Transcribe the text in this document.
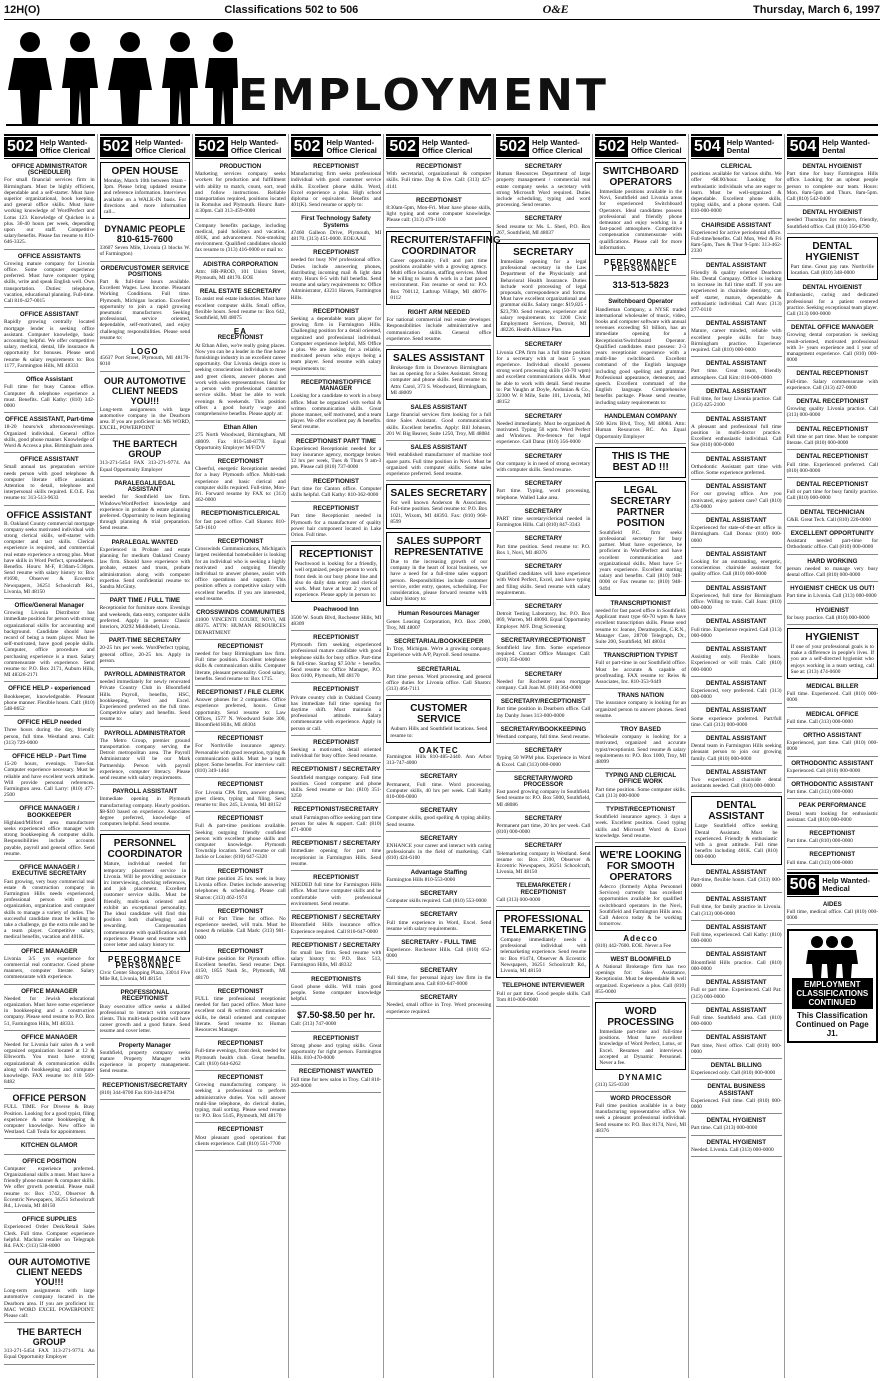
12H(O)	Classifications 502 to 506	O&E	Thursday, March 6, 1997
EMPLOYMENT
502 Help Wanted-
Office Clerical
OFFICE ADMINISTRATOR (SCHEDULER)
For small financial services firm in Birmingham. Must be highly efficient, dependable and a self-starter. Must have superior organizational, book keeping, and general office skills. Must have working knowledge of WordPerfect and Lotus 123. Knowledge of Quicken is a plus. 30-40 hours per week, depending upon our staff. Competitive salary/benefits. Please fax resume to 810-646-3325.
OFFICE ASSISTANTS
Growing mature company for Livonia office. Some computer experience preferred. Must have computer typing skills, write and speak English well. Own transportation. Duties: telephone, vacation, educational planning. Full-time. Call 810-427-0015
OFFICE ASSISTANT
Rapidly growing centrally located mortgage lender is seeking office assistant. Computer knowledge, basic accounting helpful. We offer competitive salary, medical, dental, life insurance & opportunity for bonuses. Please send resume & salary requirements to: Box 1177, Farmington Hills, MI 48333
Office Assistant
Full time for busy Canton office. Computer & telephone experience a must. Benefits. Call Kathy: (810) 342-0000
OFFICE ASSISTANT, Part-time
18-20 hours/wk afternoons/evenings. Organized individual. General office skills, good phone manner. Knowledge of Word & Access a plus. Birmingham area.
OFFICE ASSISTANT
Small annual tax preparation service needs person with good telephone & computer literate office assistant. Attention to detail, telephone and interpersonal skills required. E.O.E. Fax resume to: 313-513-9633
OFFICE ASSISTANT
B. Oakland County commercial mortgage company seeks motivated individual with strong clerical skills, self-starter with computer and tact skills. Clerical experience is required, and commercial real estate experience a strong plus. Must have skills in Word Perfect, spreadsheets. Benefits. Hours: M-F, 8:30am-5:30pm. Send resume with salary history to: Box #1690, Observer & Eccentric Newspapers, 36251 Schoolcraft Rd., Livonia, MI 48150
Office/General Manager
Growing Livonia Distributor has immediate position for person with strong organizational skills for accounting and background. Candidate should have record of being a team player. Must be self-motivated, have good people skills. Computer, office procedure and purchasing experience is a must. Salary commensurate with experience. Send resume to: P.O. Box 2171, Auburn Hills, MI 48326-2171
OFFICE HELP - experienced
Bookkeeper, knowledgeable. Pleasant phone manner. Flexible hours. Call: (810) 548-8652
OFFICE HELP needed
Three hours during the day, friendly person, full time. Westland area. Call: (313) 729-0000
OFFICE HELP - Part Time
15-20 hours, evenings. Tues-Sat. Computer experience necessary. Must be reliable and have excellent work attitude. Will provide personal references. Farmington area. Call Larry: (810) 477-2500
OFFICE MANAGER / BOOKKEEPER
Highland/Milford area manufacturer seeks experienced office manager with strong bookkeeping & computer skills. Responsibilities include accounts payable, payroll and general office. Send resume.
OFFICE MANAGER / EXECUTIVE SECRETARY
Fast growing, very busy commercial real estate & construction company in Farmington Hills needs experienced, professional person with good organization, organization and computer skills to manage a variety of duties. The successful candidate must be willing to take a challenge, go the extra mile and be a team player. Competitive salary, medical benefits, vacation and 401K.
OFFICE MANAGER
Livonia 3/5 yrs experience for commercial real contractor. Good phone manners, computer literate. Salary commensurate with experience.
OFFICE MANAGER
Needed for Jewish educational organization. Must have some experience in bookkeeping and a construction company. Please send resume to P.O. Box 51, Farmington Hills, MI 48333.
OFFICE MANAGER
Needed for Livonia hair salon & a well organized organization located at 12 & Ellsworth. You must have strong organizational & communication skills along with bookkeeping and computer knowledge. FAX resume to: 810 569-8482
OFFICE PERSON
FULL TIME. For Diverse & Busy Position. Looking for a good typist, filing experience & some bookkeeping & computer knowledge. New office in Westland. Call Toula for appointment.
KITCHEN GLAMOR
OFFICE POSITION
Computer experience preferred. Organizational skills a must. Must have a friendly phone manner & computer skills. We offer growth potential. Please mail resume to: Box 1742, Observer & Eccentric Newspapers, 36251 Schoolcraft Rd., Livonia, MI 48150
OFFICE SUPPLIES
Experienced Order Desk/Retail Sales Clerk. Full time. Computer experience helpful. Machine retailer on Telegraph Rd. FAX: (313) 538-8000
OUR AUTOMOTIVE CLIENT NEEDS YOU!!!
Long-term assignments with large automotive company located in the Dearborn area. If you are proficient in: MAC WORD EXCEL POWERPOINT. Please call:
THE BARTECH GROUP
313-271-5454 FAX 313-271-9774. An Equal Opportunity Employer
502 Help Wanted-
Office Clerical
OPEN HOUSE
Monday, March 10th between 10am - 3pm. Please bring updated resume and reference information. Interviews available on a WALK-IN basis. For directions and more information call...
DYNAMIC PEOPLE 810-615-7600
33607 Seven Mile, Livonia (3 blocks W. of Farmington)
ORDER/CUSTOMER SERVICE POSITIONS
Part & full-time hours available. Excellent Wages. Less Income. Pleasant Working Conditions. Full time. Plymouth, Michigan location. Excellent opportunity to join a rapid growing pneumatic manufacturer. Seeking professional, service oriented, dependable, self-motivated, and enjoy challenging responsibilities. Please send resume to:
LOGO
45637 Port Street, Plymouth, MI 48170-6010
OUR AUTOMOTIVE CLIENT NEEDS YOU!!!
Long-term assignments with large automotive company in the Dearborn area. If you are proficient in: MS WORD, EXCEL, POWERPOINT
THE BARTECH GROUP
313-271-5454 FAX 313-271-9774. An Equal Opportunity Employer
PARALEGAL/LEGAL ASSISTANT
needed for Southfield law firm. Windows/WordPerfect knowledge and experience in probate & estate planning preferred. Opportunity to learn beginning through planning & trial preparation. Send resume.
PARALEGAL WANTED
Experienced in Probate and estate planning for medium Oakland County law firm. Should have experience with probate, estates and trusts, probate administration along with computer expertise. Send confidential resume to: Sandra McGinty.
PART TIME / FULL TIME
Receptionist for furniture store. Evenings and weekends, data entry, computer skills preferred. Apply in person: Classic Interiors, 20292 Middlebelt, Livonia.
PART-TIME SECRETARY
20-25 hrs per week. WordPerfect typing, general office, 20-25 hrs. Apply in person.
PAYROLL ADMINISTRATOR
needed immediately for newly renovated Private Country Club in Bloomfield Hills. Payroll, benefits, HSC, bookkeeping, Word and Excel. Experienced preferred on the full time. Competitive salary and benefits. Send resume to:
PAYROLL ADMINISTRATOR
The Metro Group, premier ground transportation company serving the Detroit metropolitan area. The Payroll Administrator will be our Mark Partnership. Person with payroll experience, computer literacy. Please send resume with salary requirements.
PAYROLL ASSISTANT
Immediate opening in Plymouth manufacturing company. Hourly position. $8-$10 based on experience. Associates degree preferred, knowledge of computers helpful. Send resume.
PERSONNEL COORDINATOR
Mature, individual needed for temporary placement service in Livonia. Will be providing assistance in: interviewing, checking references, and job placement. Excellent customer service skills. Must be friendly, multi-task oriented and exhibit an exceptional personality. The ideal candidate will find this position both challenging and rewarding. Compensation commensurate with qualifications and experience. Please send resume with cover letter and salary history to:
PERFORMANCE PERSONNEL
Civic Center Shopping Plaza, 33014 Five Mile Rd, Livonia, MI 48154
PROFESSIONAL RECEPTIONIST
Busy executive office seeks a skilled professional to interact with corporate clients. This multi-task position will have career growth and a good future. Send resume and cover letter.
Property Manager
Southfield, property company seeks mature Property Manager with experience in property management. Send resume.
RECEPTIONIST/SECRETARY
(810) 344-8700 Fax 810-344-8794
502 Help Wanted-
Office Clerical
PRODUCTION
Marketing services company seeks workers for production and fulfillment with ability to match, count, sort, read and follow instructions. Reliable transportation required, positions located in Romulus and Plymouth. Hours: 8am-4:30pm. Call 313-459-0000
Company benefits package, including medical, paid holidays and vacation, 401K, and advancement. Non-smoking environment. Qualified candidates should fax resume to (313) 416-0000 or mail to:
ADISTRA CORPORATION
Attn: HR-PROD, 101 Union Street, Plymouth, MI 48170. EOE
REAL ESTATE SECRETARY
To assist real estate industries. Must have excellent computer skills. Small office, flexible hours. Send resume to: Box 642, Southfield, MI 48075
EA
RECEPTIONIST
At Ethan Allen, we're really going places. Now you can be a leader in the fine home furnishings industry in an excellent career opportunity. Our Livonia design store is seeking conscientious individuals to meet and greet clients, answer phones and work with sales representatives. Ideal for a person with professional customer service skills. Must be able to work evenings & weekends. This position offers a good hourly wage and comprehensive benefits. Please apply at:
Ethan Allen
275 North Woodward, Birmingham, MI 48009. Fax 810-540-8778. Equal Opportunity Employer M/F/D/V
RECEPTIONIST
Cheerful, energetic Receptionist needed for a busy Plymouth office. Multi-task experience and basic clerical and computer skills required. Full-time, Mon-Fri. Forward resume by FAX to: (313) 462-0000
RECEPTIONIST/CLERICAL
for fast paced office. Call Sharon: 810-549-1610
RECEPTIONIST
Crosswinds Communications, Michigan's largest residential homebuilder is looking for an individual who is seeking a highly motivated and outgoing friendly individual to answer phones, assist with office operations and support. This position offers a competitive salary with excellent benefits. If you are interested, send resume.
CROSSWINDS COMMUNITIES
41000 VINCENTI COURT, NOVI, MI 48375. ATTN: HUMAN RESOURCES DEPARTMENT
RECEPTIONIST
needed for busy Birmingham law firm. Full time position. Excellent telephone skills & communication skills. Computer literate, pleasant personality. Good salary, benefits. Send resume to: Box 1715.
RECEPTIONIST / FILE CLERK
Answer phones for 2 companies. Office experience preferred, hours. Great opportunity. Send resume to: Law Offices, 1577 N. Woodward Suite 300, Bloomfield Hills, MI 48304
RECEPTIONIST
For Northville insurance agency. Personable with good reception, typing & communication skills. Must be a team player. Some benefits. For interview call: (810) 349-1464
RECEPTIONIST
For Livonia CPA firm, answer phones, greet clients, typing and filing. Send resume to: Box 245, Livonia, MI 48152
RECEPTIONIST
Full & part-time positions available. Seeking outgoing friendly confident person with excellent phone skills and computer knowledge. Plymouth Township location. Send resume or call Jackie or Louise: (810) 647-5320
RECEPTIONIST
Part time position 25 hrs. week in busy Livonia office. Duties include answering telephones & scheduling. Please call Sharon: (313) 462-1974
RECEPTIONIST
Full or Part Time for office. No experience needed, will train. Must be honest & reliable. Call Mark: (313) 981-0000
RECEPTIONIST
Full-time position for Plymouth office. Excellent benefits. Send resume: Dept. 4150, 1855 Nash St., Plymouth, MI 48170
RECEPTIONIST
FULL time professional receptionist needed for fast paced office. Must have excellent oral & written communication skills, be detail oriented and computer literate. Send resume to: Human Resources Manager.
RECEPTIONIST
Full-time evenings, front desk, needed for Plymouth health club. Great benefits. Call: (810) 644-6262
RECEPTIONIST
Growing manufacturing company is seeking a professional to perform administrative duties. You will answer multi-line telephone, do clerical duties, typing, mail sorting. Please send resume to: P.O. Box 5145, Plymouth, MI 48170
RECEPTIONIST
Most pleasant good operations that clients experience. Call (810) 551-7700
502 Help Wanted-
Office Clerical
RECEPTIONIST
Manufacturing firm seeks professional individual with good customer service skills. Excellent phone skills. Word, Excel experience a plus. High school diploma or equivalent. Benefits and 401(K). Send resume or apply to:
First Technology Safety Systems
47460 Galleon Drive, Plymouth, MI 48170. (313) 451-0000. EOE/AAE
RECEPTIONIST
needed for busy NW professional office. Duties include answering phones, distributing incoming mail & light data entry. Hours 8-5 with full benefits. Send resume and salary requirements to: Office Administrator, 43231 Haven, Farmington Hills.
RECEPTIONIST
Seeking a dependable team player for growing firm in Farmington Hills. Challenging position for a detail oriented, organized and professional individual. Computer experience helpful, MS Office a plus. We are looking for a reliable, motivated person who enjoys being a team player. Send resume with salary requirements to:
RECEPTIONIST/OFFICE MANAGER
Looking for a candidate to work in a busy office. Must be organized with verbal & written communication skills. Great phone manner, self motivated, and a team player. We offer excellent pay & benefits. Send resume.
RECEPTIONIST PART TIME
Experienced Receptionist needed for a busy insurance agency, mortgage broker. 12 hrs per week, Tues & Thurs 9 am-3 pm. Please call (810) 737-0000
RECEPTIONIST
Part time for Canton office. Computer skills helpful. Call Kathy: 810-362-0000
RECEPTIONIST
Part time Receptionist needed in Plymouth for a manufacturer of quality power hair component located in Lake Orion. Full time.
RECEPTIONIST
Peachwood is looking for a friendly, well organized, people person to work front desk in our busy phone line and also do daily data entry and clerical work. Must have at least 2 years of experience. Please apply in person to:
Peachwood Inn
3500 W. South Blvd, Rochester Hills, MI 48309
RECEPTIONIST
Plymouth firm seeking experienced professional mature candidate with good telephone skills for busy office. Part-time & full-time. Starting $7.50/hr + benefits. Send resume to: Office Manager, P.O. Box 6100, Plymouth, MI 48170
RECEPTIONIST
Private country club in Oakland County has immediate full time opening for daytime shift. Must maintain a professional attitude. Salary commensurate with experience. Apply in person or call.
RECEPTIONIST
Seeking a motivated, detail oriented individual for busy office. Send resume.
RECEPTIONIST / SECRETARY
Southfield mortgage company. Full time position. Good computer and phone skills. Send resume or fax: (810) 351-3250
RECEPTIONIST/SECRETARY
small Farmington office seeking part time person for sales & support. Call: (810) 471-0000
RECEPTIONIST / SECRETARY
Immediate opening for part time receptionist in Farmington Hills. Send resume.
RECEPTIONIST
NEEDED full time for Farmington Hills office. Must have computer skills and be comfortable with professional environment. Send resume.
RECEPTIONIST / SECRETARY
Bloomfield Hills insurance office. Experience required. Call 810-647-0000
RECEPTIONIST / SECRETARY
for small law firm. Send resume with salary history to: P.O. Box 513, Farmington Hills, MI 48332
RECEPTIONISTS
Good phone skills. Will train good people. Some computer knowledge helpful.
$7.50-$8.50 per hr.
Call: (313) 747-0000
RECEPTIONIST
Strong phone and typing skills. Great opportunity for right person. Farmington Hills. 810-470-0000
RECEPTIONIST WANTED
Full time for new salon in Troy. Call 810-269-0000
502 Help Wanted-
Office Clerical
RECEPTIONIST
With secretarial, organizational & computer skills. Full time. Day & Eve. Call: (313) 427-4141
RECEPTIONIST
8:30am-5pm, Mon-Fri. Must have phone skills, light typing and some computer knowledge. Please call: (313) 479-1100
RECRUITER/STAFFING COORDINATOR
Career opportunity. Full and part time positions available with a growing agency. Multi office location, staffing services. Must be willing to learn & work in a fast paced environment. Fax resume or send to: P.O. Box 760112, Lathrup Village, MI 48076-0112
RIGHT ARM NEEDED
For national commercial real estate developer. Responsibilities include administrative and communication skills. General office experience. Send resume.
SALES ASSISTANT
Brokerage firm in Downtown Birmingham has an opening for a Sales Assistant. Strong computer and phone skills. Send resume to: Attn: Carol, 373 S. Woodward, Birmingham, MI 48009
SALES ASSISTANT
Large financial services firm looking for a full time Sales Assistant. Good communication skills. Excellent benefits. Apply: Bill Johnson, 201 W. Big Beaver, Suite 1250, Troy, MI 48084
SALES ASSISTANT
Well established manufacturer of machine tool spare parts. Full time position in Novi. Must be organized with computer skills. Some sales experience preferred. Send resume.
SALES SECRETARY
For well known Anderson & Associates. Full-time position. Send resume to: P.O. Box 1021, Wixom, MI 48393. Fax: (810) 960-8599
SALES SUPPORT REPRESENTATIVE
Due to the increasing growth of our company in the heart of local business, we have a need for a full-time sales support person. Responsibilities include customer service, order entry, quotes, scheduling. For consideration, please forward resume with salary history to:
Human Resources Manager
Genes Leasing Corporation, P.O. Box 2000, Troy, MI 48007
SECRETARIAL/BOOKKEEPER
In Troy, Michigan. We're a growing company. Experience with A/P, Payroll. Send resume.
SECRETARIAL
Part time person. Word processing and general office duties for Livonia office. Call Sharon: (313) 464-7111
CUSTOMER SERVICE
Auburn Hills and Southfield locations. Send resume to:
OAKTEC
Farmington Hills 810-485-2440. Ann Arbor 313-747-4000
SECRETARY
Permanent, Full time. Word processing, Computer skills, 40 hrs per week. Call Kathy 810-000-0000
SECRETARY
Computer skills, good spelling & typing ability. Send resume.
SECRETARY
ENHANCE your career and interact with caring professionals in the field of marketing. Call (810) 424-6100
Advantage Staffing
Farmington Hills 810-553-0000
SECRETARY
Computer skills required. Call (810) 553-0000
SECRETARY
Full time experience in Word, Excel. Send resume with salary requirements.
SECRETARY - FULL TIME
Experience. Rochester Hills. Call (810) 652-0000
SECRETARY
Full time, for personal injury law firm in the Birmingham area. Call 810-647-0000
SECRETARY
Needed, small office in Troy. Word processing experience required.
502 Help Wanted-
Office Clerical
SECRETARY
Human Resources Department of large property management / commercial real estate company seeks a secretary with strong Microsoft Word required. Duties include scheduling, typing and word processing. Send resume.
SECRETARY
Send resume to: Ms. L. Sheri, P.O. Box 267, Southfield, MI 48037
SECRETARY
Immediate opening for a legal professional secretary in the Law Department of the Physicianly and Behavioral Health Insurance. Duties include word processing of legal proposals, correspondence and forms. Must have excellent organizational and grammar skills. Salary range: $19,825 - $23,790. Send resume, experience and salary requirements to: 1200 Civic Employment Services, Detroit, MI 48226. Health Alliance Plan.
SECRETARY
Livonia CPA firm has a full time position for a secretary with at least 5 years experience. Individual should possess strong word processing skills (50-70 wpm) and excellent communications skills. Must be able to work with detail. Send resume to: Pat Vaughn at Doyle, Andonian & Co., 32300 W. 8 Mile, Suite 101, Livonia, MI 48152
SECRETARY
Needed immediately. Must be organized & motivated. Typing 50 wpm. Word Perfect and Windows. Pre-ference for legal experience. Call Dana: (810) 356-0000
SECRETARY
Our company is in need of strong secretary with computer skills. Send resume.
SECRETARY
Part time. Typing, word processing, telephone. Walled Lake area.
SECRETARY
PART time secretary/clerical needed in Farmington Hills. Call (810) 847-3343
SECRETARY
Part time position. Send resume to: P.O. Box 1, Novi, MI 48376
SECRETARY
Qualified candidates will have experience with Word Perfect, Excel, and have typing and filing skills. Send resume with salary requirements.
SECRETARY
Detroit Testing Laboratory, Inc. P.O. Box 869, Warren, MI 48090. Equal Opportunity Employer. M/F. Drug Screening
SECRETARY/RECEPTIONIST
Southfield law firm. Some experience required. Contact Office Manager. Call: (810) 350-0000
SECRETARY
Needed for Rochester area mortgage company. Call Joan M. (810) 364-0000
SECRETARY/RECEPTIONIST
Part time position in Dearborn office. Call Jay Danby Jones 313-000-0000
SECRETARY/BOOKKEEPING
Westland company, full time. Send resume.
SECRETARY
Typing 50 WPM plus. Experience in Word & Excel. Call (313) 000-0000
SECRETARY/WORD PROCESSOR
Fast paced growing company in Southfield. Send resume to: P.O. Box 5000, Southfield, MI 48086
SECRETARY
Permanent part time, 20 hrs per week. Call (810) 000-0000
SECRETARY
Telemarketing company in Westland. Send resume to: Box 2100, Observer & Eccentric Newspapers, 36251 Schoolcraft, Livonia, MI 48150
TELEMARKETER / RECEPTIONIST
Call (313) 000-0000
PROFESSIONAL TELEMARKETING
Company immediately needs a professional individual with telemarketing experience. Send resume to: Box #1474, Observer & Eccentric Newspapers, 36251 Schoolcraft Rd., Livonia, MI 48150
TELEPHONE INTERVIEWER
Full or part time. Good people skills. Call Tom 810-000-0000
502 Help Wanted-
Office Clerical
SWITCHBOARD OPERATORS
Immediate positions available in the Novi, Southfield and Livonia areas for experienced Switchboard Operators. Ideal candidates possess professional and friendly phone demeanor and enjoy working in a fast-paced atmosphere. Competitive compensation commensurate with qualifications. Please call for more information.
PERFORMANCE PERSONNEL
313-513-5823
Switchboard Operator
Handleman Company, a NYSE traded international wholesaler of music, video, books and computer software with annual revenues exceeding $1 billion, has an immediate opening for a Receptionist/Switchboard Operator. Qualified candidates must possess: 2-3 years receptionist experience with a multi-line switchboard. Excellent command of the English language including good spelling and grammar. Professional appearance, demeanor, and speech. Excellent command of the English language. Comprehensive benefits package. Please send resume, including salary requirements to:
HANDLEMAN COMPANY
500 Kirts Blvd, Troy, MI 48084. Attn: Human Resources RC. An Equal Opportunity Employer
THIS IS THE BEST AD !!!
LEGAL SECRETARY PARTNER POSITION
Southfield P.C. firm seeks professional secretary for busy partner. Must have experience, be proficient in WordPerfect and have excellent communication and organizational skills. Must have 5+ years experience. Excellent starting salary and benefits. Call (810) 948-0000 or Fax resume to: (810) 948-9494
TRANSCRIPTIONIST
needed for fast paced office in Southfield. Applicant must type 60-70 wpm & have excellent transcription skills. Please send resume to: Jeanne, Deramopolin, C.R.N., Manager Care, 28700 Telegraph, Dr., Suite 200, Southfield, MI 48034
TRANSCRIPTION TYPIST
Full or part-time in our Southfield office. Must be accurate & capable of proofreading. FAX resume to: Reiss & Associates, Inc. 810-353-9449
TRANS NATION
The insurance company is looking for an organized person to answer phones. Send resume.
TROY BASED
Wholesale company is looking for a motivated, organized and accurate typist/receptionist. Send resume & salary requirements to: P.O. Box 1000, Troy, MI 48099
TYPING AND CLERICAL OFFICE WORK
Part time position. Some computer skills. Call (313) 000-0000
TYPIST/RECEPTIONIST
Southfield insurance agency. 3 days a week. Excellent position. Good typing skills and Microsoft Word & Excel knowledge. Send resume.
WE'RE LOOKING FOR SMOOTH OPERATORS
Adecco (formerly Alpha Personnel Services) currently has excellent opportunities available for qualified switchboard operators in the Novi, Southfield and Farmington Hills area. Call Adecco today & be working tomorrow.
Adecco
(810) 442-7600. EOE. Never a Fee
WEST BLOOMFIELD
A National Brokerage firm has two openings for: Sales Assistance, Receptionist. Must be dependable & well organized. Experience a plus. Call (810) 855-0000
WORD PROCESSING
Immediate part-time and full-time positions. Must have excellent knowledge of Word Perfect, Lotus, or Excel. Resumes and interviews accepted at Dynamic Personnel. Never a fee.
DYNAMIC
(313) 525-0330
WORD PROCESSOR
Full time position available in a busy manufacturing representative office. We seek a pleasant professional individual. Send resume to: P.O. Box 8174, Novi, MI 48376
504 Help Wanted-
Dental
CLERICAL
positions available for various shifts. We offer •$8.00/hour. Looking for enthusiastic individuals who are eager to learn. Must be well-organized & dependable. Excellent phone skills, typing skills, and a phone system. Call 810-000-0000
CHAIRSIDE ASSISTANT
Experienced for active periodontal office. Full-time/benefits. Call Mon, Wed & Fri 8am-5pm, Tues & Thur 9-5pm: 313-462-2330
DENTAL ASSISTANT
Friendly & quality oriented Dearborn Hts. Dental Company. Office is looking to increase its full time staff. If you are experienced in chairside dentistry, can self starter, mature, dependable & enthusiastic individual. Call Ann: (313) 277-0110
DENTAL ASSISTANT
Mature, career minded, reliable with excellent people skills for busy Birmingham practice. Experience required. Call (810) 000-0000
DENTAL ASSISTANT
Part time. Great team, friendly atmosphere. Call Kim: 810-000-0000
DENTAL ASSISTANT
Full time, for busy Livonia practice. Call (313) 425-2100
DENTAL ASSISTANT
A pleasant and professional full time position in multi-doctor practice. Excellent enthusiastic individual. Call Sue (810) 000-0000
DENTAL ASSISTANT
Orthodontic Assistant part time with office. Some experience preferred.
DENTAL ASSISTANT
For our growing office. Are you motivated, enjoy patient care? Call (810) 478-0000
DENTAL ASSISTANT
Experienced for state-of-the-art office in Birmingham. Call Donna: (810) 000-0000
DENTAL ASSISTANT
Looking for an outstanding, energetic, conscientious chairside assistant for quality office. Call (810) 000-0000
DENTAL ASSISTANT
Experienced, full time for Birmingham office. Willing to train. Call Joan: (810) 000-0000
DENTAL ASSISTANT
Full time. Experience required. Call (313) 000-0000
DENTAL ASSISTANT
Assisting only. Flexible hours. Experienced or will train. Call: (810) 000-0000
DENTAL ASSISTANT
Experienced, very preferred. Call: (313) 000-0000
DENTAL ASSISTANT
Some experience preferred. Part/full time. Call (313) 000-0000
DENTAL ASSISTANT
Dental team in Farmington Hills seeking pleasant person to join our growing family. Call (810) 000-0000
DENTAL ASSISTANT
Two experienced chairside dental assistants needed. Call (810) 000-0000
DENTAL ASSISTANT
Large Southfield office seeking Dental Assistant. Must be experienced. Friendly & enthusiastic with a great attitude. Full time benefits including 401K. Call (810) 000-0000
DENTAL ASSISTANT
Part-time, flexible hours. Call (313) 000-0000
DENTAL ASSISTANT
Full time, for family practice in Livonia. Call (313) 000-0000
DENTAL ASSISTANT
Full time, experienced. Call Kathy: (810) 000-0000
DENTAL ASSISTANT
Bloomfield Hills practice. Call (810) 000-0000
DENTAL ASSISTANT
Full or part time. Experienced. Call Pat: (313) 000-0000
DENTAL ASSISTANT
Full time. Southfield area. Call (810) 000-0000
DENTAL ASSISTANT
Part time, Novi office. Call (810) 000-0000
DENTAL BILLING
Experienced only. Call (810) 000-0000
DENTAL BUSINESS ASSISTANT
Experienced. Full time. Call (810) 000-0000
DENTAL HYGIENIST
Part time. Call (313) 000-0000
DENTAL HYGIENIST
Needed. Livonia. Call (313) 000-0000
504 Help Wanted-Dental
DENTAL HYGIENIST
Part time for busy Farmington Hills office. Looking for an upbeat people person to complete our team. Hours: Mon. 8am-5pm and Thurs. 8am-5pm. Call (810) 542-0400
DENTAL HYGIENIST
needed Thursdays for modern, friendly, Southfield office. Call (810) 356-8790
DENTAL HYGIENIST
Part time. Great pay rate. Northville location. Call (810) 348-0000
DENTAL HYGIENIST
Enthusiastic, caring and dedicated professional for a patient centered practice. Seeking exceptional team player. Call (313) 000-0000
DENTAL OFFICE MANAGER
Growing dental corporation is seeking result-oriented, motivated professional with 3+ years experience and 1 year of management experience. Call (810) 000-0000
DENTAL RECEPTIONIST
Full-time. Salary commensurate with experience. Call (313) 427-0000
DENTAL RECEPTIONIST
Growing quality Livonia practice. Call (313) 000-0000
DENTAL RECEPTIONIST
Full time or part time. Must be computer literate. Call (810) 000-0000
DENTAL RECEPTIONIST
Full time. Experienced preferred. Call (810) 000-0000
DENTAL RECEPTIONIST
Full or part time for busy family practice. Call (810) 000-0000
DENTAL TECHNICIAN
C&B. Great Tech. Call (810) 220-0000
EXCELLENT OPPORTUNITY
Assistant needed part-time for Orthodontic office. Call (810) 000-0000
HARD WORKING
person needed to manage very busy dental office. Call (810) 000-0000
HYGIENIST CHECK US OUT!
Part time in Livonia. Call (313) 000-0000
HYGIENIST
for busy practice. Call (810) 000-0000
HYGIENIST
If one of your professional goals is to make a difference in people's lives. If you are a self-directed hygienist who enjoys working in a team setting, call Sue at: (313) 474-0600
MEDICAL BILLER
Full time. Experienced. Call (810) 000-0000
MEDICAL OFFICE
Full time. Call (313) 000-0000
ORTHO ASSISTANT
Experienced, part time. Call (810) 000-0000
ORTHODONTIC ASSISTANT
Experienced. Call (810) 000-0000
ORTHODONTIC ASSISTANT
Part time. Call (313) 000-0000
PEAK PERFORMANCE
Dental team looking for enthusiastic assistant. Call (810) 000-0000
RECEPTIONIST
Part time. Call (810) 000-0000
RECEPTIONIST
Full time. Call (313) 000-0000
506 Help Wanted-
Medical
AIDES
Full time, medical office. Call (810) 000-0000
EMPLOYMENT CLASSIFICATIONS CONTINUED
This Classification Continued on Page J1.
